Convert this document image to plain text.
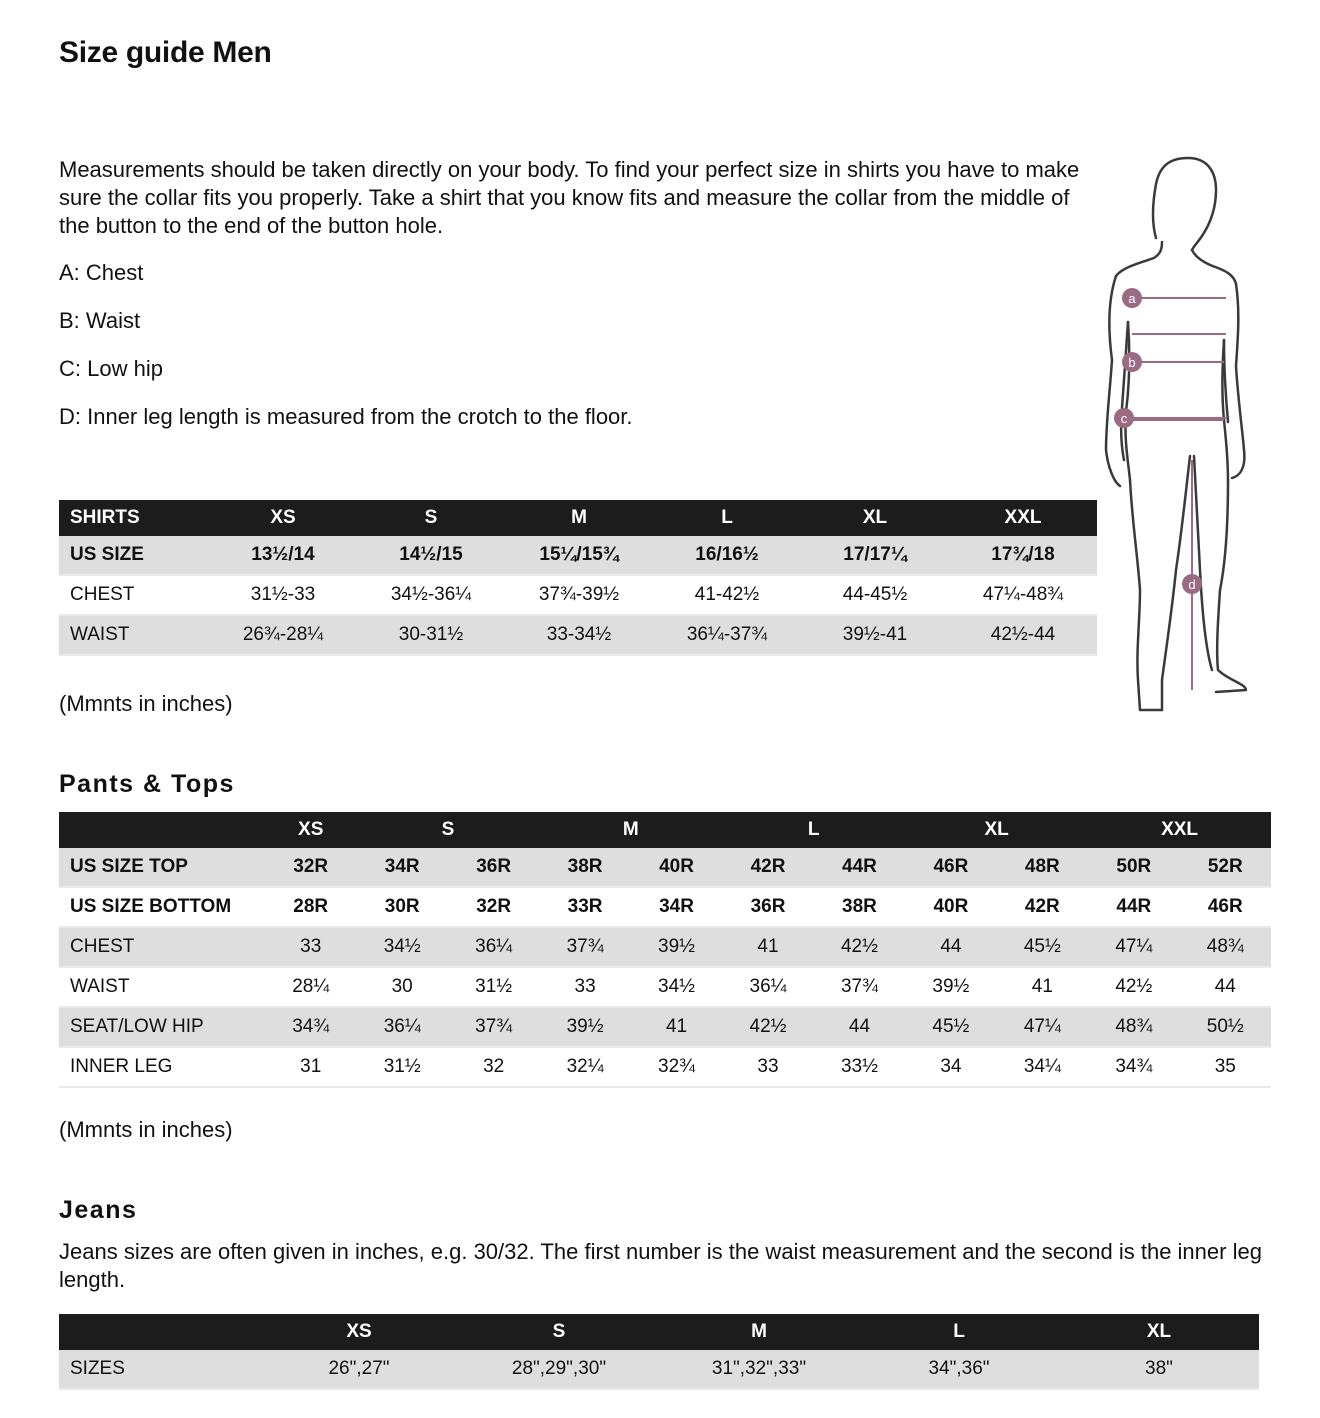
Size guide Men

Measurements should be taken directly on your body. To find your perfect size in shirts you have to make sure the collar fits you properly. Take a shirt that you know fits and measure the collar from the middle of the button to the end of the button hole.

A: Chest

B: Waist

C: Low hip

D: Inner leg length is measured from the crotch to the floor.

a
b
c
d
SHIRTS	XS	S	M	L	XL	XXL
US SIZE	13½/14	14½/15	15¼/15¾	16/16½	17/17¼	17¾/18
CHEST	31½-33	34½-36¼	37¾-39½	41-42½	44-45½	47¼-48¾
WAIST	26¾-28¼	30-31½	33-34½	36¼-37¾	39½-41	42½-44

(Mmnts in inches)

Pants & Tops
	XS	S		M		L		XL		XXL	
US SIZE TOP	32R	34R	36R	38R	40R	42R	44R	46R	48R	50R	52R
US SIZE BOTTOM	28R	30R	32R	33R	34R	36R	38R	40R	42R	44R	46R
CHEST	33	34½	36¼	37¾	39½	41	42½	44	45½	47¼	48¾
WAIST	28¼	30	31½	33	34½	36¼	37¾	39½	41	42½	44
SEAT/LOW HIP	34¾	36¼	37¾	39½	41	42½	44	45½	47¼	48¾	50½
INNER LEG	31	31½	32	32¼	32¾	33	33½	34	34¼	34¾	35

(Mmnts in inches)

Jeans

Jeans sizes are often given in inches, e.g. 30/32. The first number is the waist measurement and the second is the inner leg length.

	XS	S	M	L	XL
SIZES	26",27"	28",29",30"	31",32",33"	34",36"	38"
